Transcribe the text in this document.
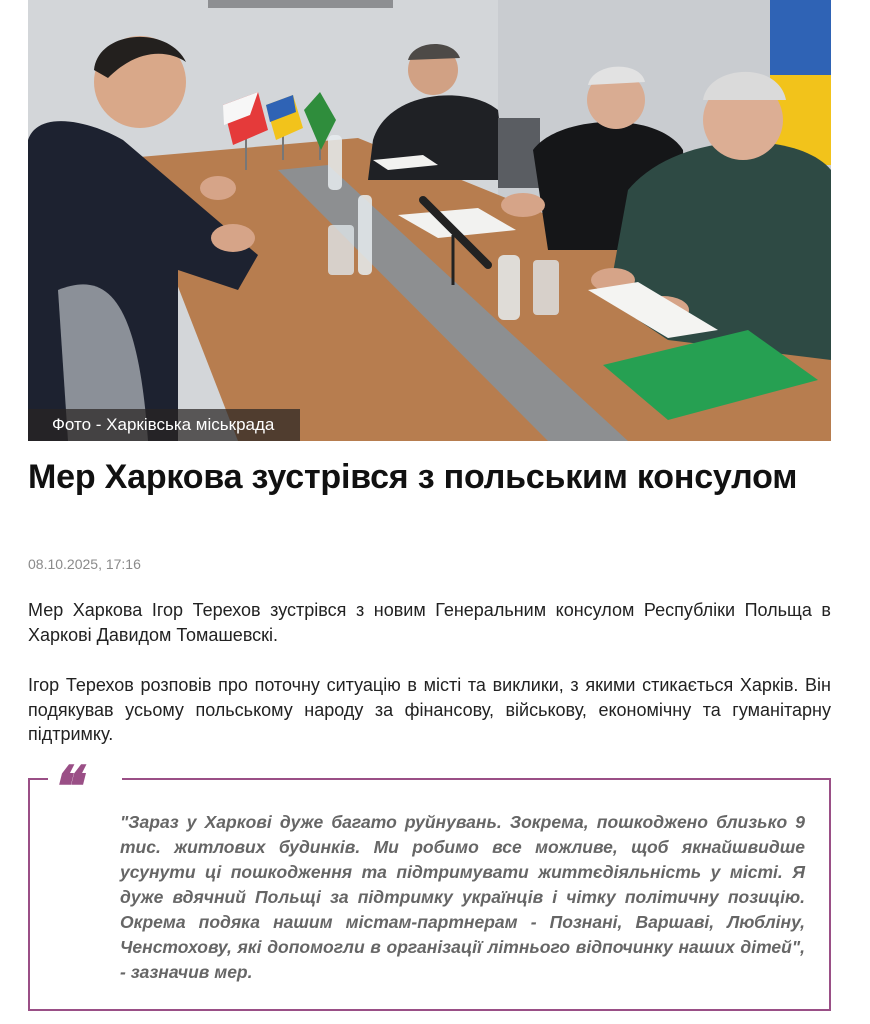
Фото - Харківська міськрада
Мер Харкова зустрівся з польським консулом
08.10.2025, 17:16

Мер Харкова Ігор Терехов зустрівся з новим Генеральним консулом Республіки Польща в Харкові Давидом Томашевскі.

Ігор Терехов розповів про поточну ситуацію в місті та виклики, з якими стикається Харків. Він подякував усьому польському народу за фінансову, військову, економічну та гуманітарну підтримку.

❝

"Зараз у Харкові дуже багато руйнувань. Зокрема, пошкоджено близько 9 тис. житлових будинків. Ми робимо все можливе, щоб якнайшвидше усунути ці пошкодження та підтримувати життєдіяльність у місті. Я дуже вдячний Польщі за підтримку українців і чітку політичну позицію. Окрема подяка нашим містам-партнерам - Познані, Варшаві, Любліну, Ченстохову, які допомогли в організації літнього відпочинку наших дітей", - зазначив мер.
